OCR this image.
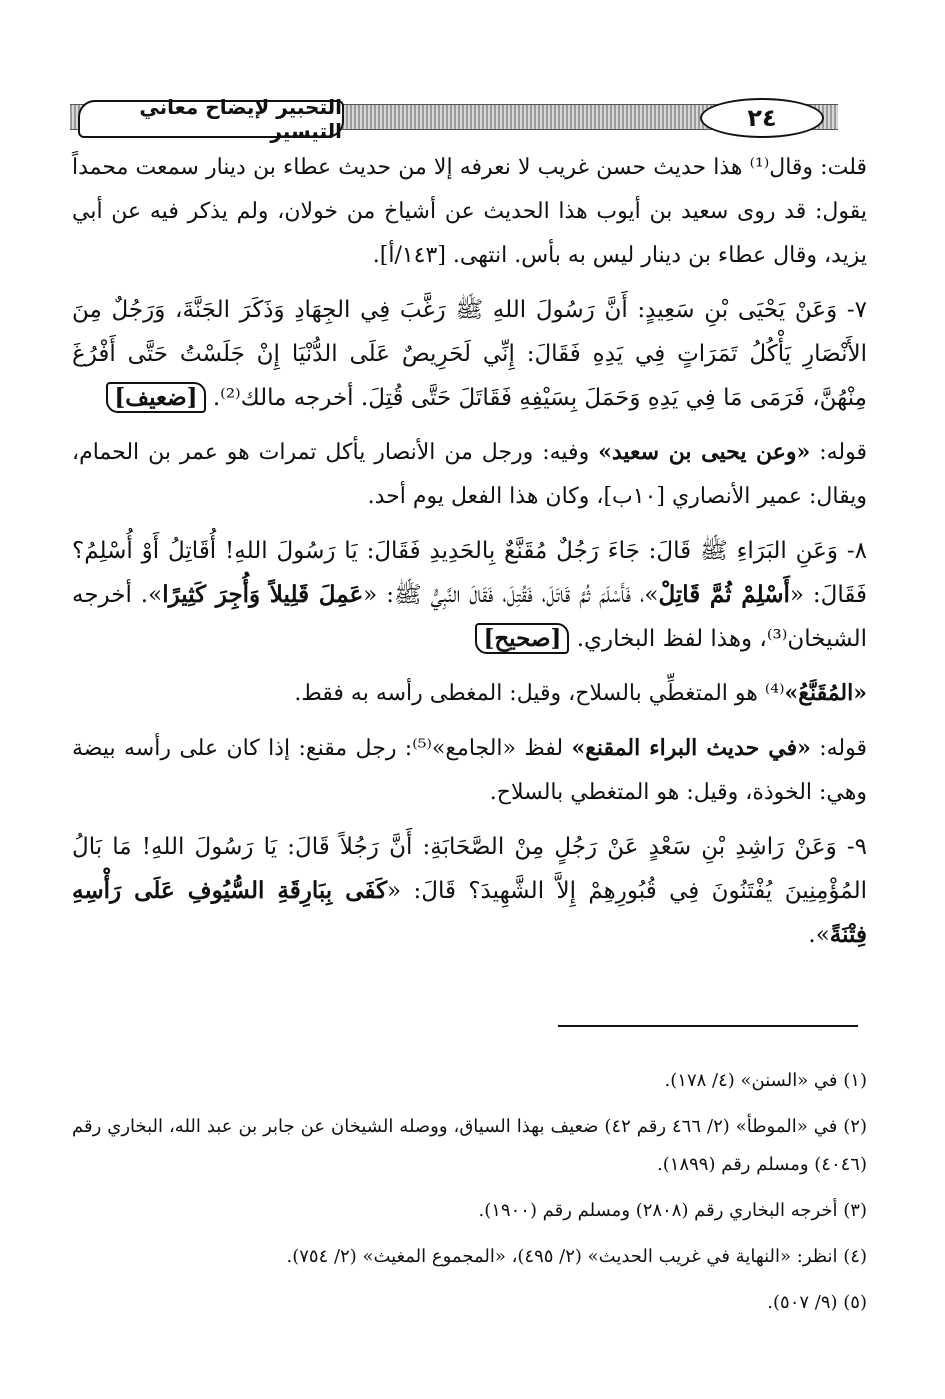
التحبير لإيضاح معاني التيسير	٢٤

قلت: وقال⁽¹⁾ هذا حديث حسن غريب لا نعرفه إلا من حديث عطاء بن دينار سمعت محمداً يقول: قد روى سعيد بن أيوب هذا الحديث عن أشياخ من خولان، ولم يذكر فيه عن أبي يزيد، وقال عطاء بن دينار ليس به بأس. انتهى. [١٤٣/أ].

٧- وَعَنْ يَحْيَى بْنِ سَعِيدٍ: أَنَّ رَسُولَ اللهِ ﷺ رَغَّبَ فِي الجِهَادِ وَذَكَرَ الجَنَّةَ، وَرَجُلٌ مِنَ الأَنْصَارِ يَأْكُلُ تَمَرَاتٍ فِي يَدِهِ فَقَالَ: إِنِّي لَحَرِيصٌ عَلَى الدُّنْيَا إِنْ جَلَسْتُ حَتَّى أَفْرُغَ مِنْهُنَّ، فَرَمَى مَا فِي يَدِهِ وَحَمَلَ بِسَيْفِهِ فَقَاتَلَ حَتَّى قُتِلَ. أخرجه مالك⁽²⁾. [ضعيف]

قوله: «وعن يحيى بن سعيد» وفيه: ورجل من الأنصار يأكل تمرات هو عمر بن الحمام، ويقال: عمير الأنصاري [١٠ب]، وكان هذا الفعل يوم أحد.

٨- وَعَنِ البَرَاءِ ﷺ قَالَ: جَاءَ رَجُلٌ مُقَنَّعٌ بِالحَدِيدِ فَقَالَ: يَا رَسُولَ اللهِ! أُقَاتِلُ أَوْ أُسْلِمُ؟ فَقَالَ: «أَسْلِمْ ثُمَّ قَاتِلْ»، فَأَسْلَمَ ثُمَّ قَاتَلَ، فَقُتِلَ، فَقَالَ النَّبِيُّ ﷺ: «عَمِلَ قَلِيلاً وَأُجِرَ كَثِيرًا». أخرجه الشيخان⁽³⁾، وهذا لفظ البخاري. [صحيح]

«المُقَنَّعُ»⁽⁴⁾ هو المتغطِّي بالسلاح، وقيل: المغطى رأسه به فقط.

قوله: «في حديث البراء المقنع» لفظ «الجامع»⁽⁵⁾: رجل مقنع: إذا كان على رأسه بيضة وهي: الخوذة، وقيل: هو المتغطي بالسلاح.

٩- وَعَنْ رَاشِدِ بْنِ سَعْدٍ عَنْ رَجُلٍ مِنْ الصَّحَابَةِ: أَنَّ رَجُلاً قَالَ: يَا رَسُولَ اللهِ! مَا بَالُ المُؤْمِنِينَ يُفْتَنُونَ فِي قُبُورِهِمْ إِلاَّ الشَّهِيدَ؟ قَالَ: «كَفَى بِبَارِقَةِ السُّيُوفِ عَلَى رَأْسِهِ فِتْنَةً».

(١) في «السنن» (٤/ ١٧٨).

(٢) في «الموطأ» (٢/ ٤٦٦ رقم ٤٢) ضعيف بهذا السياق، ووصله الشيخان عن جابر بن عبد الله، البخاري رقم (٤٠٤٦) ومسلم رقم (١٨٩٩).

(٣) أخرجه البخاري رقم (٢٨٠٨) ومسلم رقم (١٩٠٠).

(٤) انظر: «النهاية في غريب الحديث» (٢/ ٤٩٥)، «المجموع المغيث» (٢/ ٧٥٤).

(٥) (٩/ ٥٠٧).
